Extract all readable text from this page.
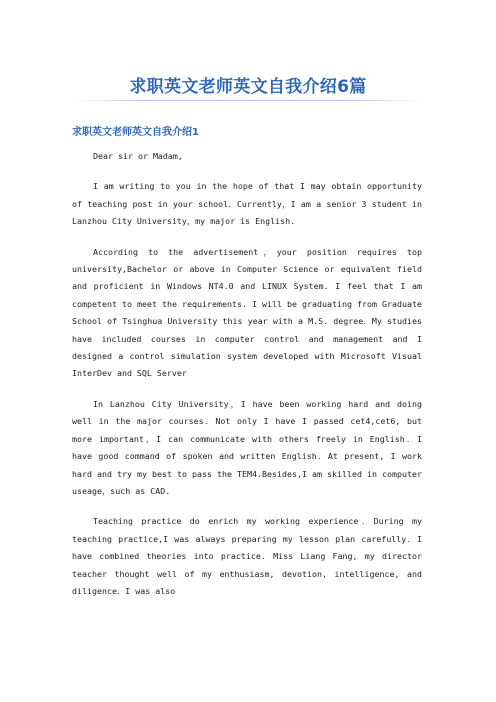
求职英文老师英文自我介绍6篇
求职英文老师英文自我介绍1

Dear sir or Madam,

I am writing to you in the hope of that I may obtain opportunity of teaching post in your school．Currently，I am a senior 3 student in Lanzhou City University，my major is English.

According to the advertisement，your position requires top university,Bachelor or above in Computer Science or equivalent field and proficient in Windows NT4.0 and LINUX System. I feel that I am competent to meet the requirements. I will be graduating from Graduate School of Tsinghua University this year with a M.S. degree．My studies have included courses in computer control and management and I designed a control simulation system developed with Microsoft Visual InterDev and SQL Server

In Lanzhou City University，I have been working hard and doing well in the major courses．Not only I have I passed cet4,cet6, but more important，I can communicate with others freely in English．I have good command of spoken and written English．At present, I work hard and try my best to pass the TEM4.Besides,I am skilled in computer useage，such as CAD.

Teaching practice do enrich my working experience．During my teaching practice,I was always preparing my lesson plan carefully．I have combined theories into practice. Miss Liang Fang, my director teacher thought well of my enthusiasm, devotion, intelligence, and diligence．I was also
